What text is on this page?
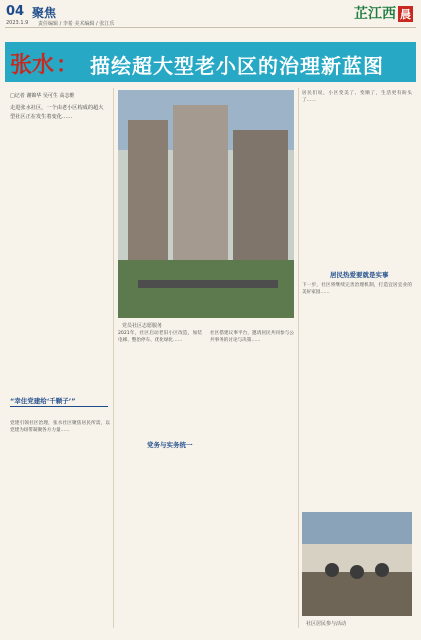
04 聚焦
2023.1.9 责任编辑 / 李希 美术编辑 / 张江乐
芷江西 晨
张水 ： 描绘超大型老小区的治理新蓝图
□记者 谢锦华 吴可生 高志维
走进张水社区，一个由老小区构成的超大型社区正在发生着变化……
“幸住党建给‘千颗子’”
党建引领社区治理，张水社区聚焦居民所需，以党建为纽带凝聚各方力量……
党员社区志愿服务
2021年，社区启动老旧小区改造，加装电梯、整治停车、优化绿化……
社区搭建议事平台，邀请居民共同参与公共事务的讨论与决策……
党务与实务统一
居民们说，小区变美了、变顺了，生活更有盼头了……
居民热爱要就是实事
下一步，社区将继续完善治理机制，打造宜居宜业的美好家园……
社区居民参与活动
